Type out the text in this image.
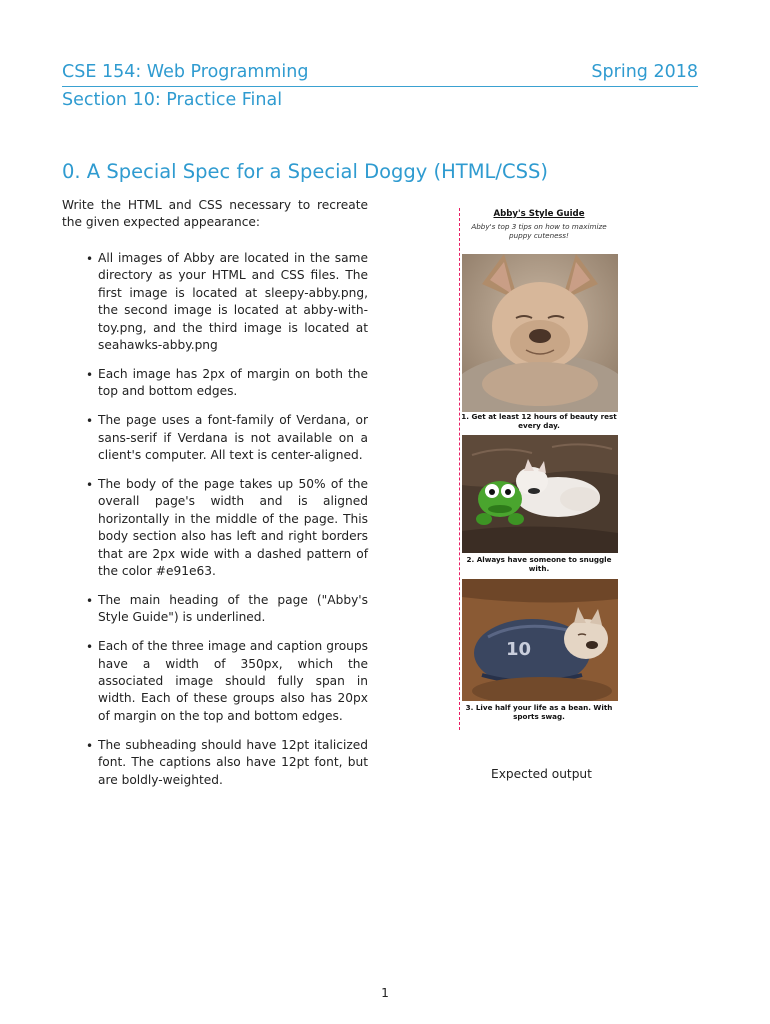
CSE 154: Web Programming	Spring 2018
Section 10: Practice Final
0. A Special Spec for a Special Doggy (HTML/CSS)
Write the HTML and CSS necessary to recreate the given expected appearance:
• All images of Abby are located in the same directory as your HTML and CSS files. The first image is located at sleepy-abby.png, the second image is located at abby-with-toy.png, and the third image is located at seahawks-abby.png
• Each image has 2px of margin on both the top and bottom edges.
• The page uses a font-family of Verdana, or sans-serif if Verdana is not available on a client's computer. All text is center-aligned.
• The body of the page takes up 50% of the overall page's width and is aligned horizontally in the middle of the page. This body section also has left and right borders that are 2px wide with a dashed pattern of the color #e91e63.
• The main heading of the page ("Abby's Style Guide") is underlined.
• Each of the three image and caption groups have a width of 350px, which the associated image should fully span in width. Each of these groups also has 20px of margin on the top and bottom edges.
• The subheading should have 12pt italicized font. The captions also have 12pt font, but are boldly-weighted.
Abby's Style Guide
Abby's top 3 tips on how to maximize puppy cuteness!
1. Get at least 12 hours of beauty rest every day.
2. Always have someone to snuggle with.
10
3. Live half your life as a bean. With sports swag.
Expected output
1
